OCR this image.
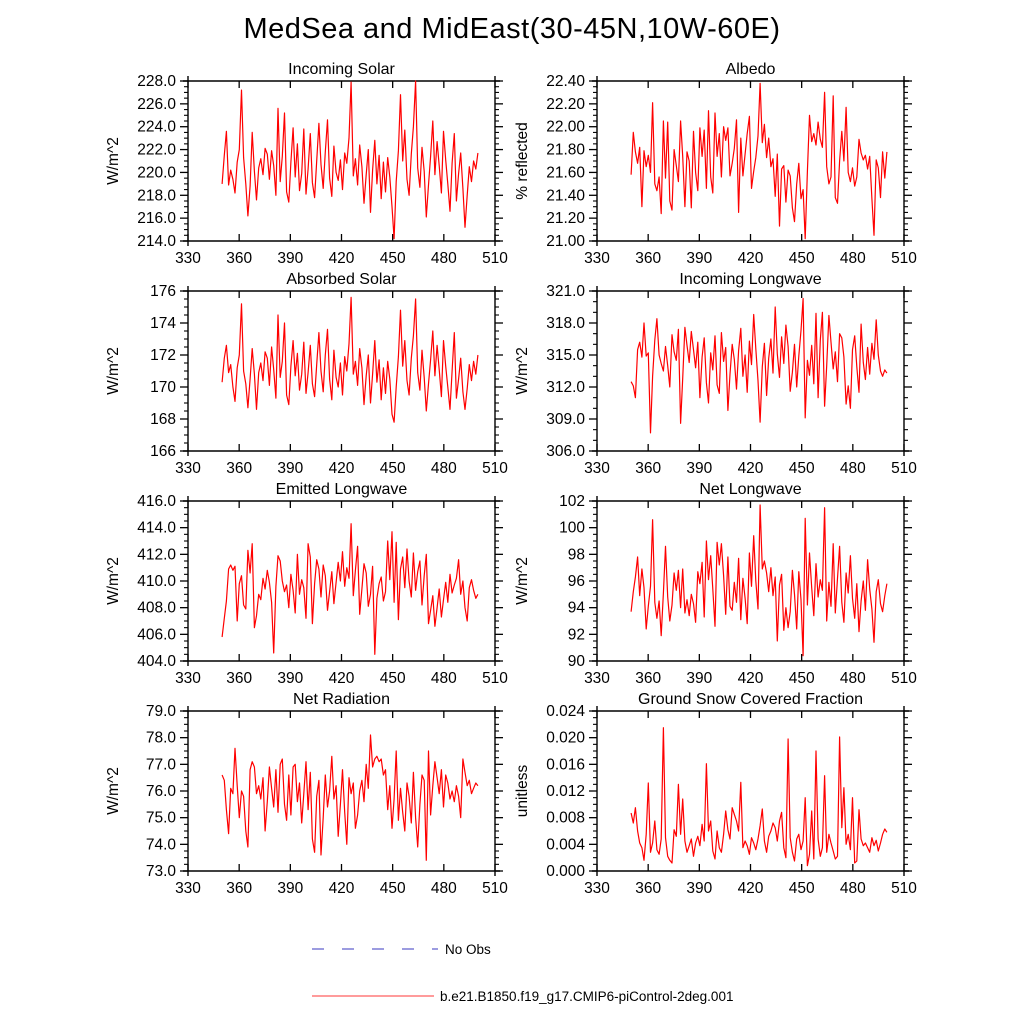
MedSea and MidEast(30-45N,10W-60E)
330 360 390 420 450 480 510
214.0
216.0
218.0
220.0
222.0
224.0
226.0
228.0
Incoming Solar
W/m^2
330 360 390 420 450 480 510
21.00
21.20
21.40
21.60
21.80
22.00
22.20
22.40
Albedo
% reflected
330 360 390 420 450 480 510
166
168
170
172
174
176
Absorbed Solar
W/m^2
330 360 390 420 450 480 510
306.0
309.0
312.0
315.0
318.0
321.0
Incoming Longwave
W/m^2
330 360 390 420 450 480 510
404.0
406.0
408.0
410.0
412.0
414.0
416.0
Emitted Longwave
W/m^2
330 360 390 420 450 480 510
90
92
94
96
98
100
102
Net Longwave
W/m^2
330 360 390 420 450 480 510
73.0
74.0
75.0
76.0
77.0
78.0
79.0
Net Radiation
W/m^2
330 360 390 420 450 480 510
0.000
0.004
0.008
0.012
0.016
0.020
0.024
Ground Snow Covered Fraction
unitless
No Obs
b.e21.B1850.f19_g17.CMIP6-piControl-2deg.001
